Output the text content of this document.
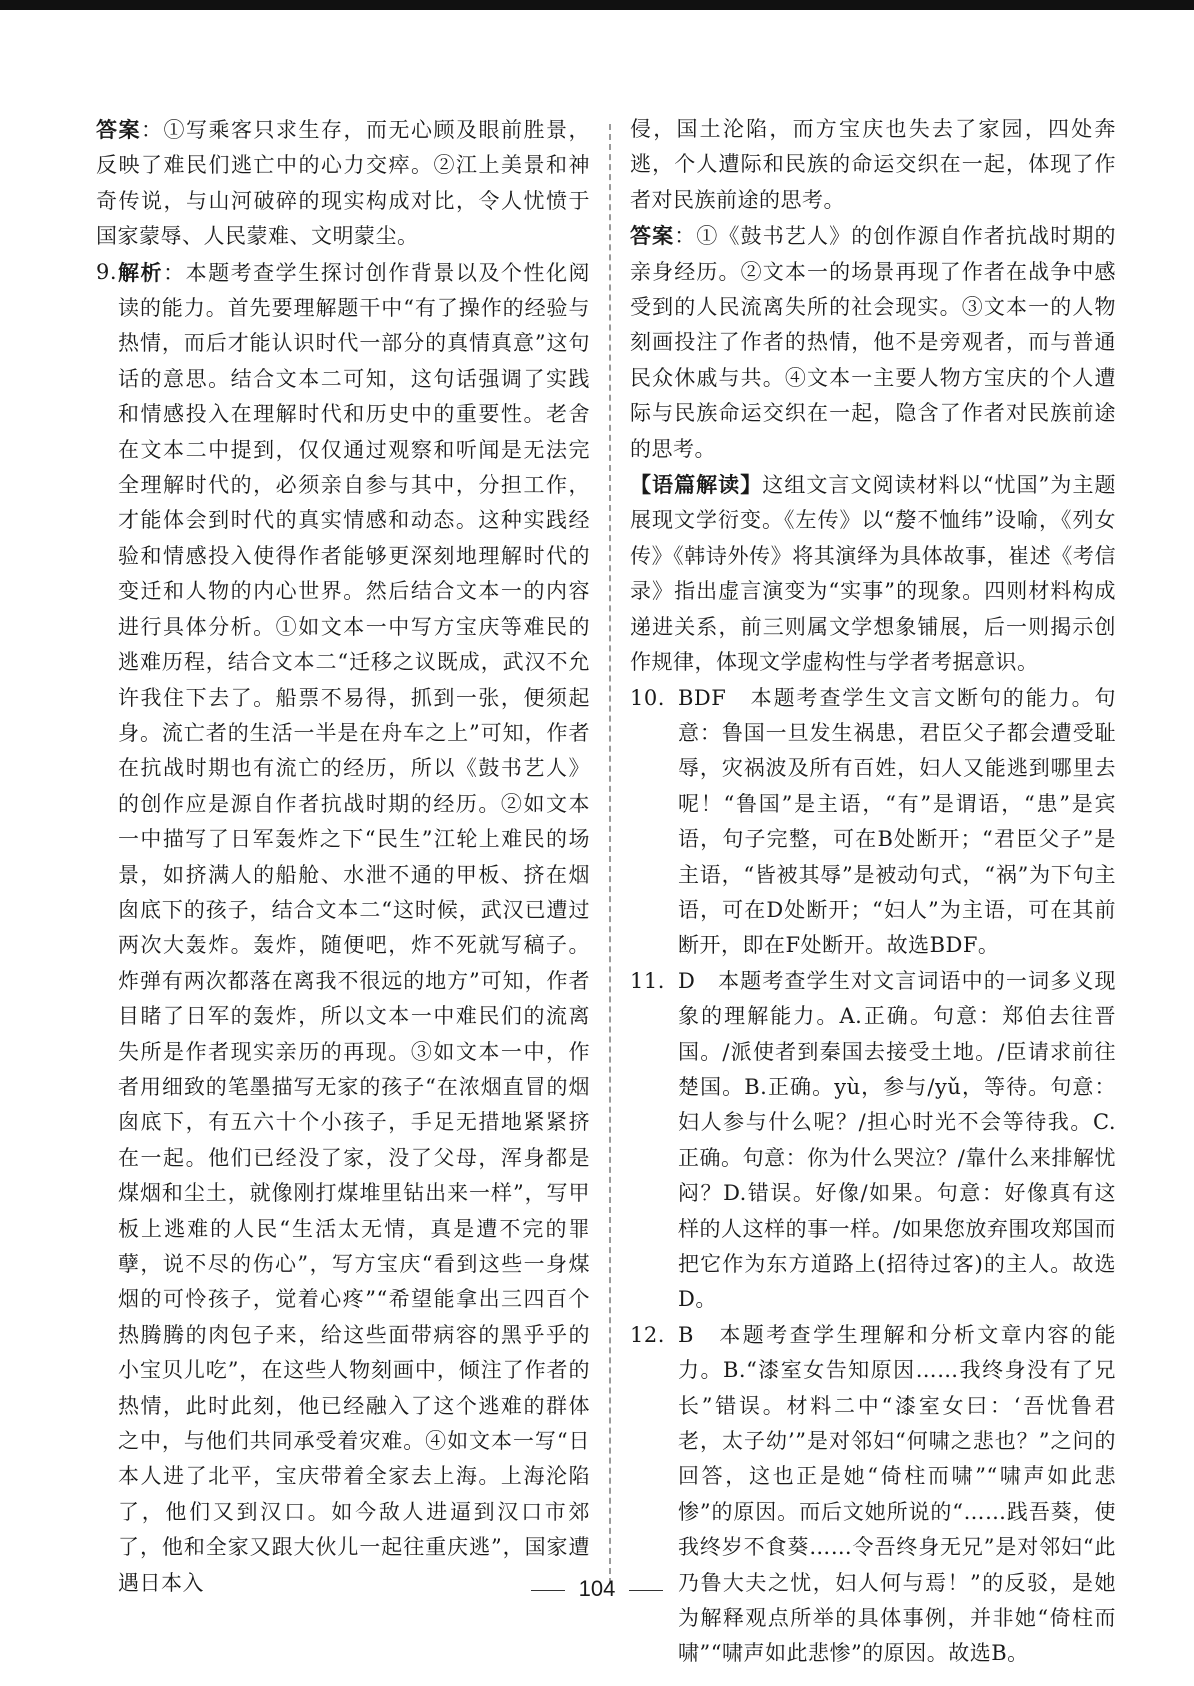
答案：①写乘客只求生存，而无心顾及眼前胜景，反映了难民们逃亡中的心力交瘁。②江上美景和神奇传说，与山河破碎的现实构成对比，令人忧愤于国家蒙辱、人民蒙难、文明蒙尘。

9. 解析：本题考查学生探讨创作背景以及个性化阅读的能力。首先要理解题干中“有了操作的经验与热情，而后才能认识时代一部分的真情真意”这句话的意思。结合文本二可知，这句话强调了实践和情感投入在理解时代和历史中的重要性。老舍在文本二中提到，仅仅通过观察和听闻是无法完全理解时代的，必须亲自参与其中，分担工作，才能体会到时代的真实情感和动态。这种实践经验和情感投入使得作者能够更深刻地理解时代的变迁和人物的内心世界。然后结合文本一的内容进行具体分析。①如文本一中写方宝庆等难民的逃难历程，结合文本二“迁移之议既成，武汉不允许我住下去了。船票不易得，抓到一张，便须起身。流亡者的生活一半是在舟车之上”可知，作者在抗战时期也有流亡的经历，所以《鼓书艺人》的创作应是源自作者抗战时期的经历。②如文本一中描写了日军轰炸之下“民生”江轮上难民的场景，如挤满人的船舱、水泄不通的甲板、挤在烟囱底下的孩子，结合文本二“这时候，武汉已遭过两次大轰炸。轰炸，随便吧，炸不死就写稿子。炸弹有两次都落在离我不很远的地方”可知，作者目睹了日军的轰炸，所以文本一中难民们的流离失所是作者现实亲历的再现。③如文本一中，作者用细致的笔墨描写无家的孩子“在浓烟直冒的烟囱底下，有五六十个小孩子，手足无措地紧紧挤在一起。他们已经没了家，没了父母，浑身都是煤烟和尘土，就像刚打煤堆里钻出来一样”，写甲板上逃难的人民“生活太无情，真是遭不完的罪孽，说不尽的伤心”，写方宝庆“看到这些一身煤烟的可怜孩子，觉着心疼”“希望能拿出三四百个热腾腾的肉包子来，给这些面带病容的黑乎乎的小宝贝儿吃”，在这些人物刻画中，倾注了作者的热情，此时此刻，他已经融入了这个逃难的群体之中，与他们共同承受着灾难。④如文本一写“日本人进了北平，宝庆带着全家去上海。上海沦陷了，他们又到汉口。如今敌人进逼到汉口市郊了，他和全家又跟大伙儿一起往重庆逃”，国家遭遇日本入

侵，国土沦陷，而方宝庆也失去了家园，四处奔逃，个人遭际和民族的命运交织在一起，体现了作者对民族前途的思考。

答案：①《鼓书艺人》的创作源自作者抗战时期的亲身经历。②文本一的场景再现了作者在战争中感受到的人民流离失所的社会现实。③文本一的人物刻画投注了作者的热情，他不是旁观者，而与普通民众休戚与共。④文本一主要人物方宝庆的个人遭际与民族命运交织在一起，隐含了作者对民族前途的思考。

【语篇解读】这组文言文阅读材料以“忧国”为主题展现文学衍变。《左传》以“嫠不恤纬”设喻，《列女传》《韩诗外传》将其演绎为具体故事，崔述《考信录》指出虚言演变为“实事”的现象。四则材料构成递进关系，前三则属文学想象铺展，后一则揭示创作规律，体现文学虚构性与学者考据意识。

10. BDF　本题考查学生文言文断句的能力。句意：鲁国一旦发生祸患，君臣父子都会遭受耻辱，灾祸波及所有百姓，妇人又能逃到哪里去呢！“鲁国”是主语，“有”是谓语，“患”是宾语，句子完整，可在B处断开；“君臣父子”是主语，“皆被其辱”是被动句式，“祸”为下句主语，可在D处断开；“妇人”为主语，可在其前断开，即在F处断开。故选BDF。

11. D　本题考查学生对文言词语中的一词多义现象的理解能力。A.正确。句意：郑伯去往晋国。/派使者到秦国去接受土地。/臣请求前往楚国。B.正确。yù，参与/yǔ，等待。句意：妇人参与什么呢？/担心时光不会等待我。C.正确。句意：你为什么哭泣？/靠什么来排解忧闷？D.错误。好像/如果。句意：好像真有这样的人这样的事一样。/如果您放弃围攻郑国而把它作为东方道路上(招待过客)的主人。故选D。

12. B　本题考查学生理解和分析文章内容的能力。B.“漆室女告知原因……我终身没有了兄长”错误。材料二中“漆室女曰：‘吾忧鲁君老，太子幼’”是对邻妇“何啸之悲也？”之问的回答，这也正是她“倚柱而啸”“啸声如此悲惨”的原因。而后文她所说的“……践吾葵，使我终岁不食葵……令吾终身无兄”是对邻妇“此乃鲁大夫之忧，妇人何与焉！”的反驳，是她为解释观点所举的具体事例，并非她“倚柱而啸”“啸声如此悲惨”的原因。故选B。

104
